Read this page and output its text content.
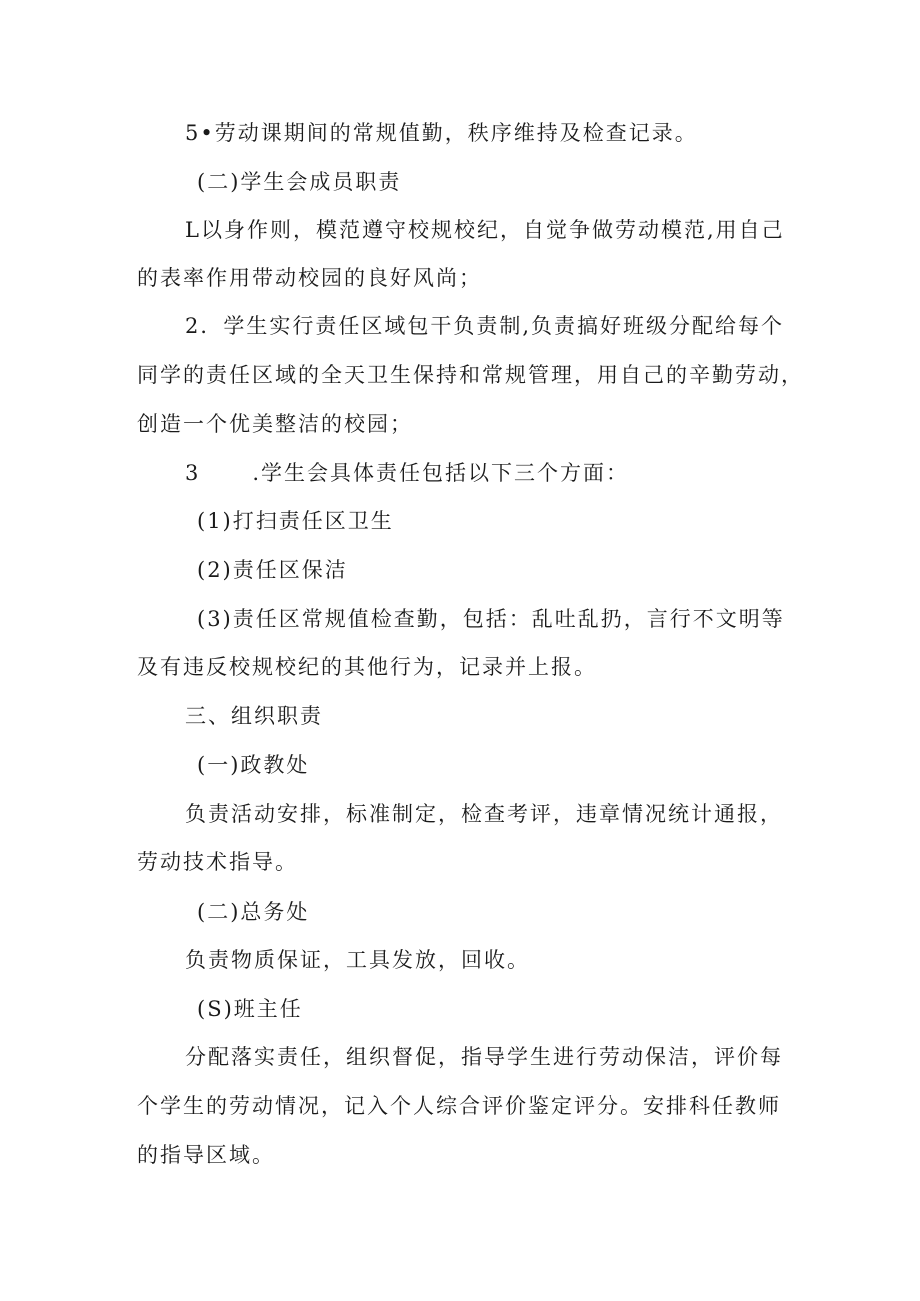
5•劳动课期间的常规值勤，秩序维持及检查记录。

(二)学生会成员职责

L以身作则，模范遵守校规校纪，自觉争做劳动模范,用自己

的表率作用带动校园的良好风尚；

2．学生实行责任区域包干负责制,负责搞好班级分配给每个

同学的责任区域的全天卫生保持和常规管理，用自己的辛勤劳动，

创造一个优美整洁的校园；

3 .学生会具体责任包括以下三个方面：

(1)打扫责任区卫生

(2)责任区保洁

(3)责任区常规值检查勤，包括：乱吐乱扔，言行不文明等

及有违反校规校纪的其他行为，记录并上报。

三、组织职责

(一)政教处

负责活动安排，标准制定，检查考评，违章情况统计通报，

劳动技术指导。

(二)总务处

负责物质保证，工具发放，回收。

(S)班主任

分配落实责任，组织督促，指导学生进行劳动保洁，评价每

个学生的劳动情况，记入个人综合评价鉴定评分。安排科任教师

的指导区域。
